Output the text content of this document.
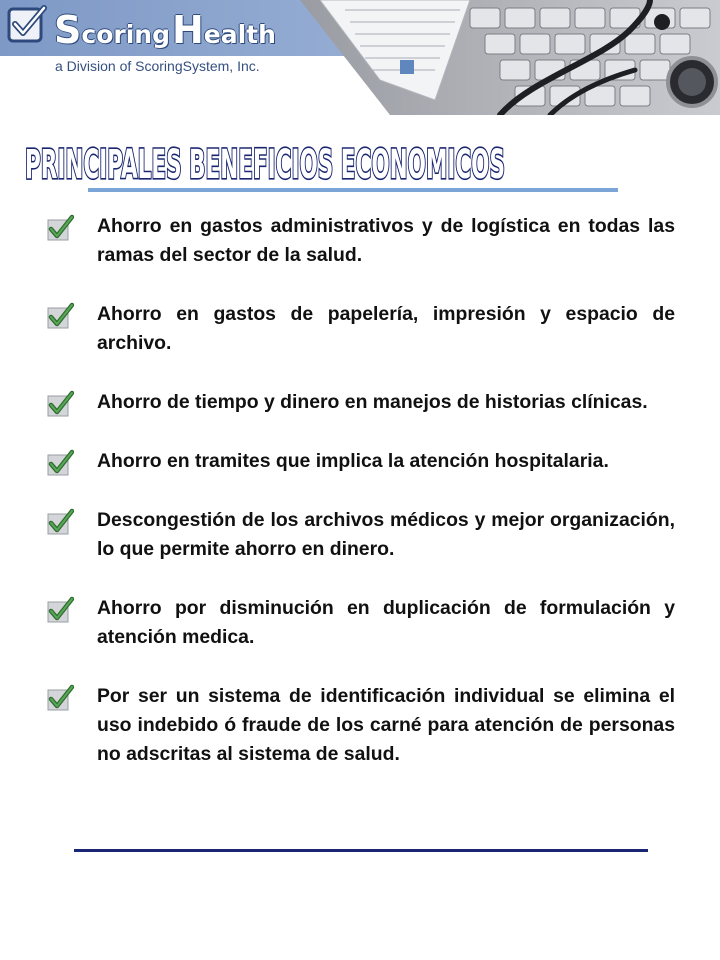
S coring H ealth
a Division of ScoringSystem, Inc.
PRINCIPALES BENEFICIOS ECONOMICOS

Ahorro en gastos administrativos y de logística en todas las ramas del sector de la salud.

Ahorro en gastos de papelería, impresión y espacio de archivo.

Ahorro de tiempo y dinero en manejos de historias clínicas.

Ahorro en tramites que implica la atención hospitalaria.

Descongestión de los archivos médicos y mejor organización, lo que permite ahorro en dinero.

Ahorro por disminución en duplicación de formulación y atención medica.

Por ser un sistema de identificación individual se elimina el uso indebido ó fraude de los carné para atención de personas no adscritas al sistema de salud.
